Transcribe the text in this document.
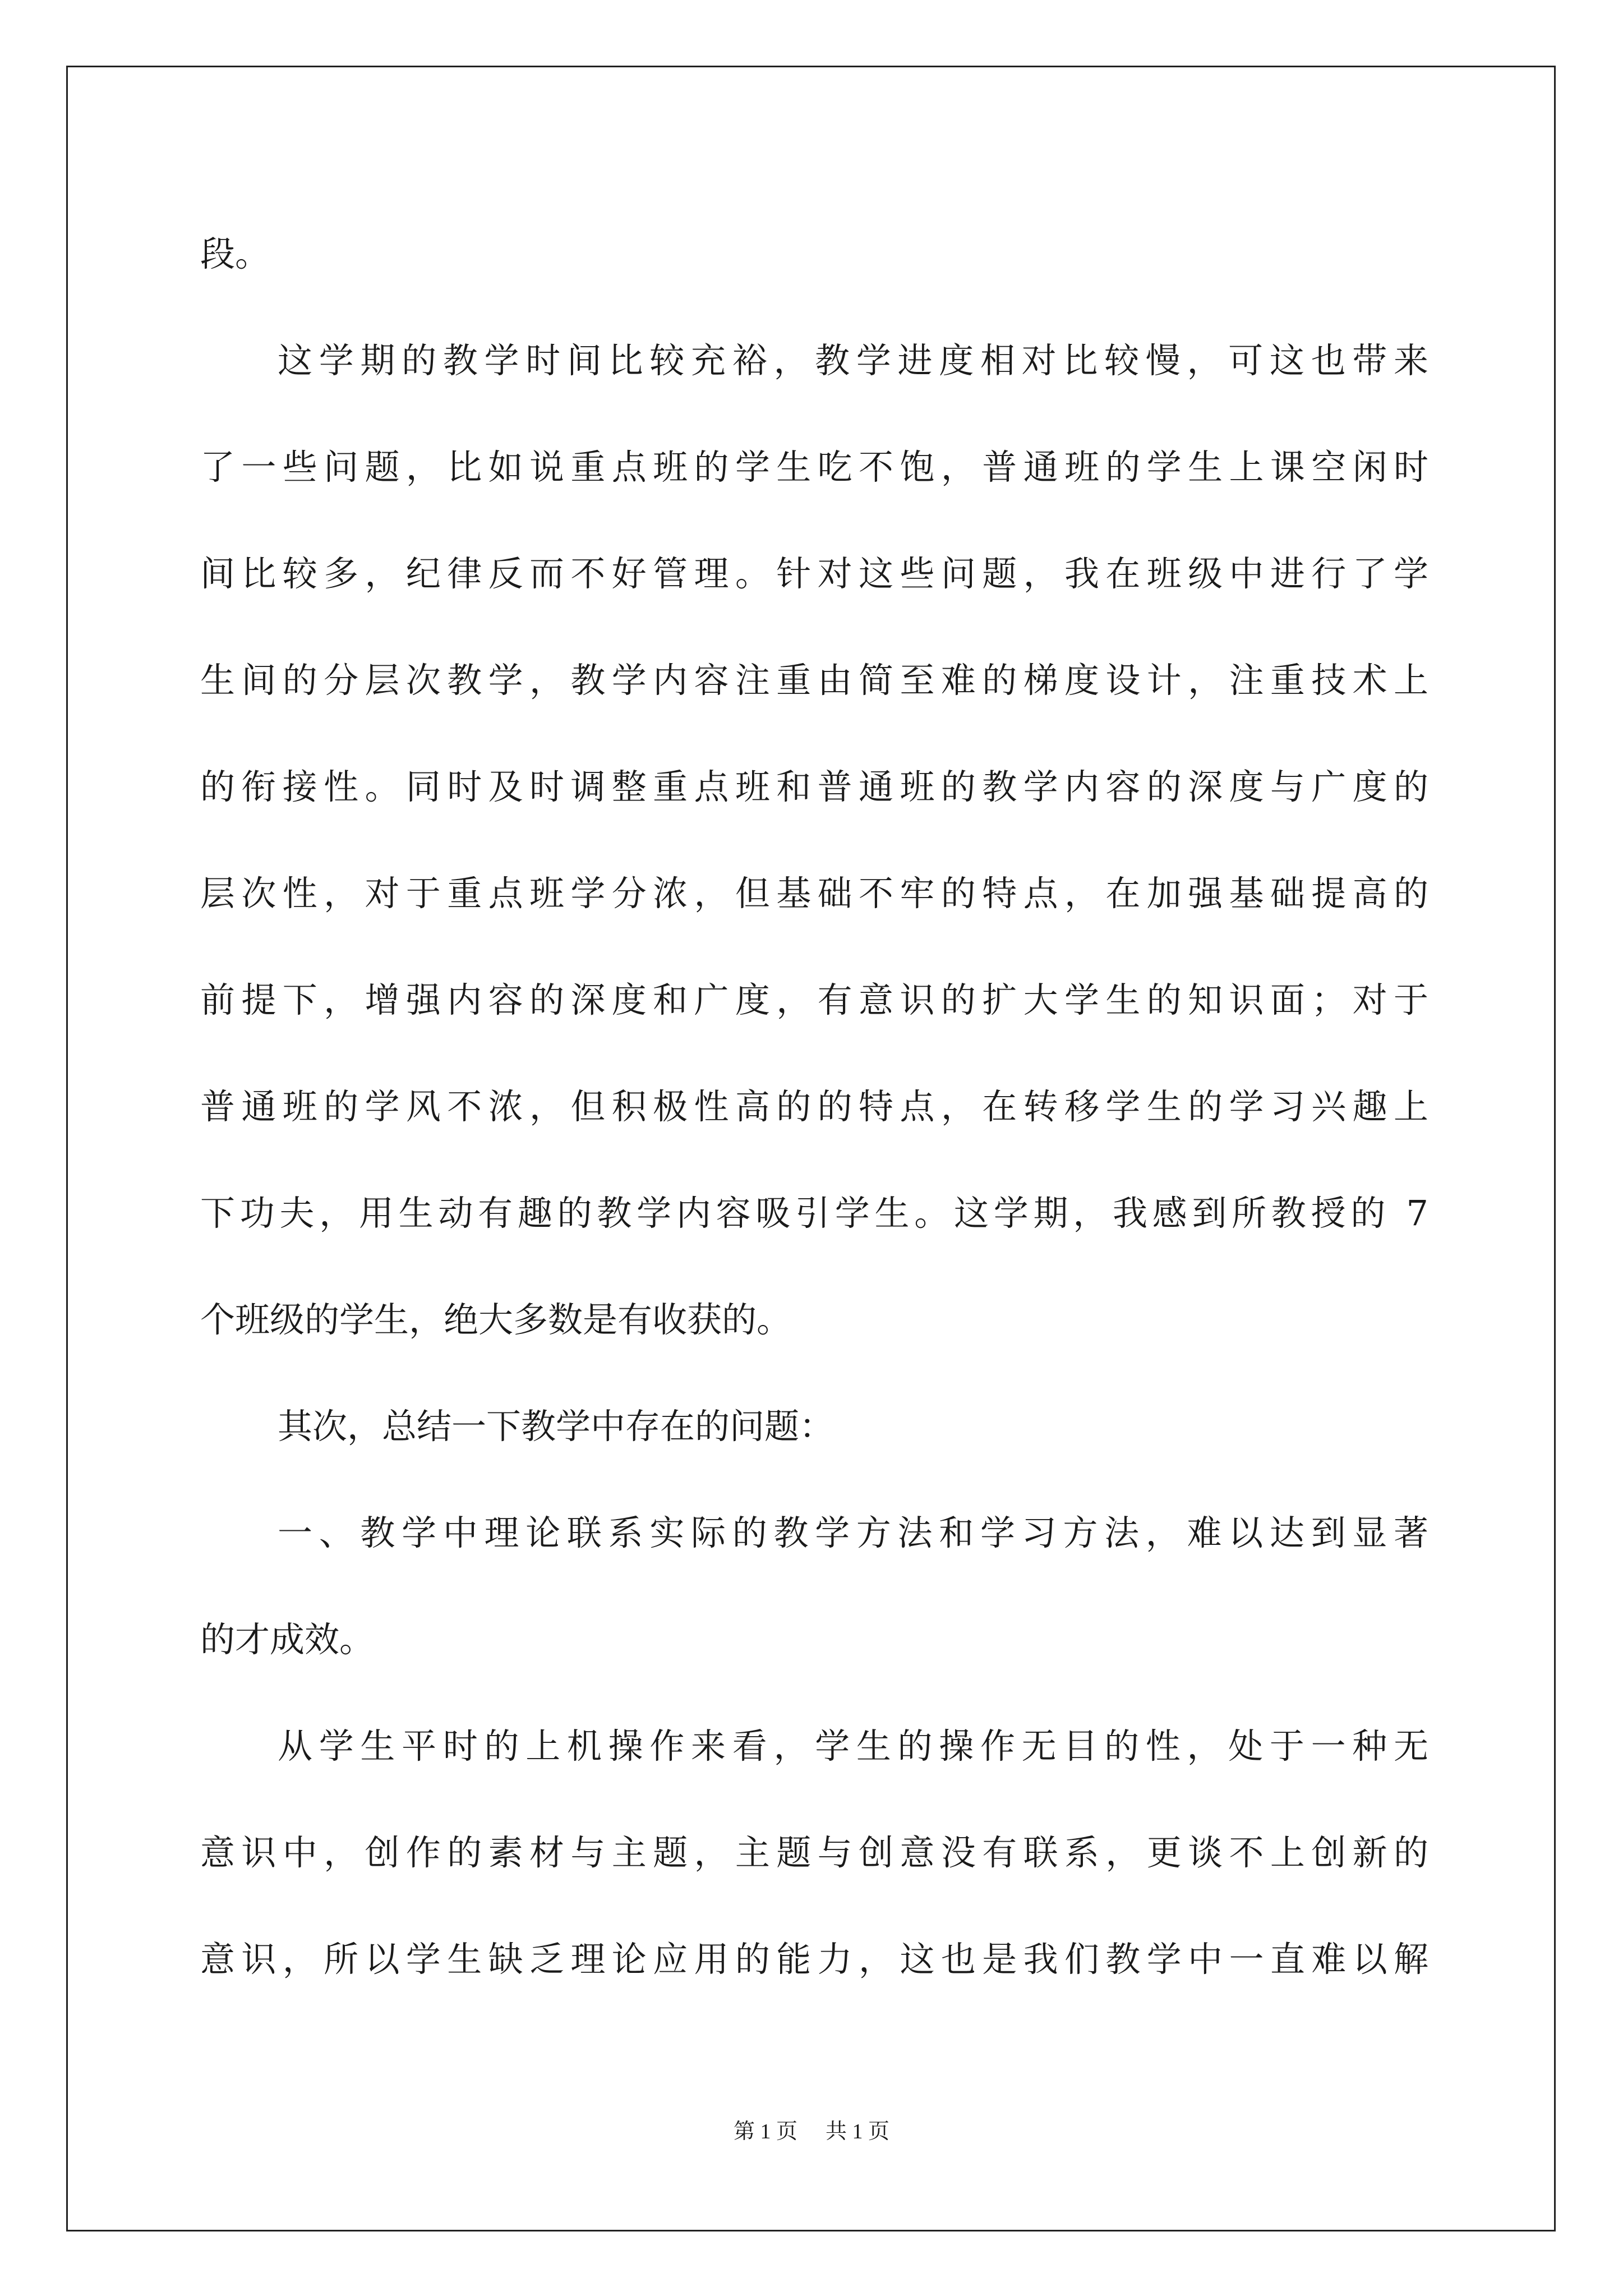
段。
这学期的教学时间比较充裕，教学进度相对比较慢，可这也带来
了一些问题，比如说重点班的学生吃不饱，普通班的学生上课空闲时
间比较多，纪律反而不好管理。针对这些问题，我在班级中进行了学
生间的分层次教学，教学内容注重由简至难的梯度设计，注重技术上
的衔接性。同时及时调整重点班和普通班的教学内容的深度与广度的
层次性，对于重点班学分浓，但基础不牢的特点，在加强基础提高的
前提下，增强内容的深度和广度，有意识的扩大学生的知识面；对于
普通班的学风不浓，但积极性高的的特点，在转移学生的学习兴趣上
下功夫，用生动有趣的教学内容吸引学生。这学期，我感到所教授的 7
个班级的学生，绝大多数是有收获的。
其次，总结一下教学中存在的问题：
一、教学中理论联系实际的教学方法和学习方法，难以达到显著
的才成效。
从学生平时的上机操作来看，学生的操作无目的性，处于一种无
意识中，创作的素材与主题，主题与创意没有联系，更谈不上创新的
意识，所以学生缺乏理论应用的能力，这也是我们教学中一直难以解
第 1 页 共 1 页
